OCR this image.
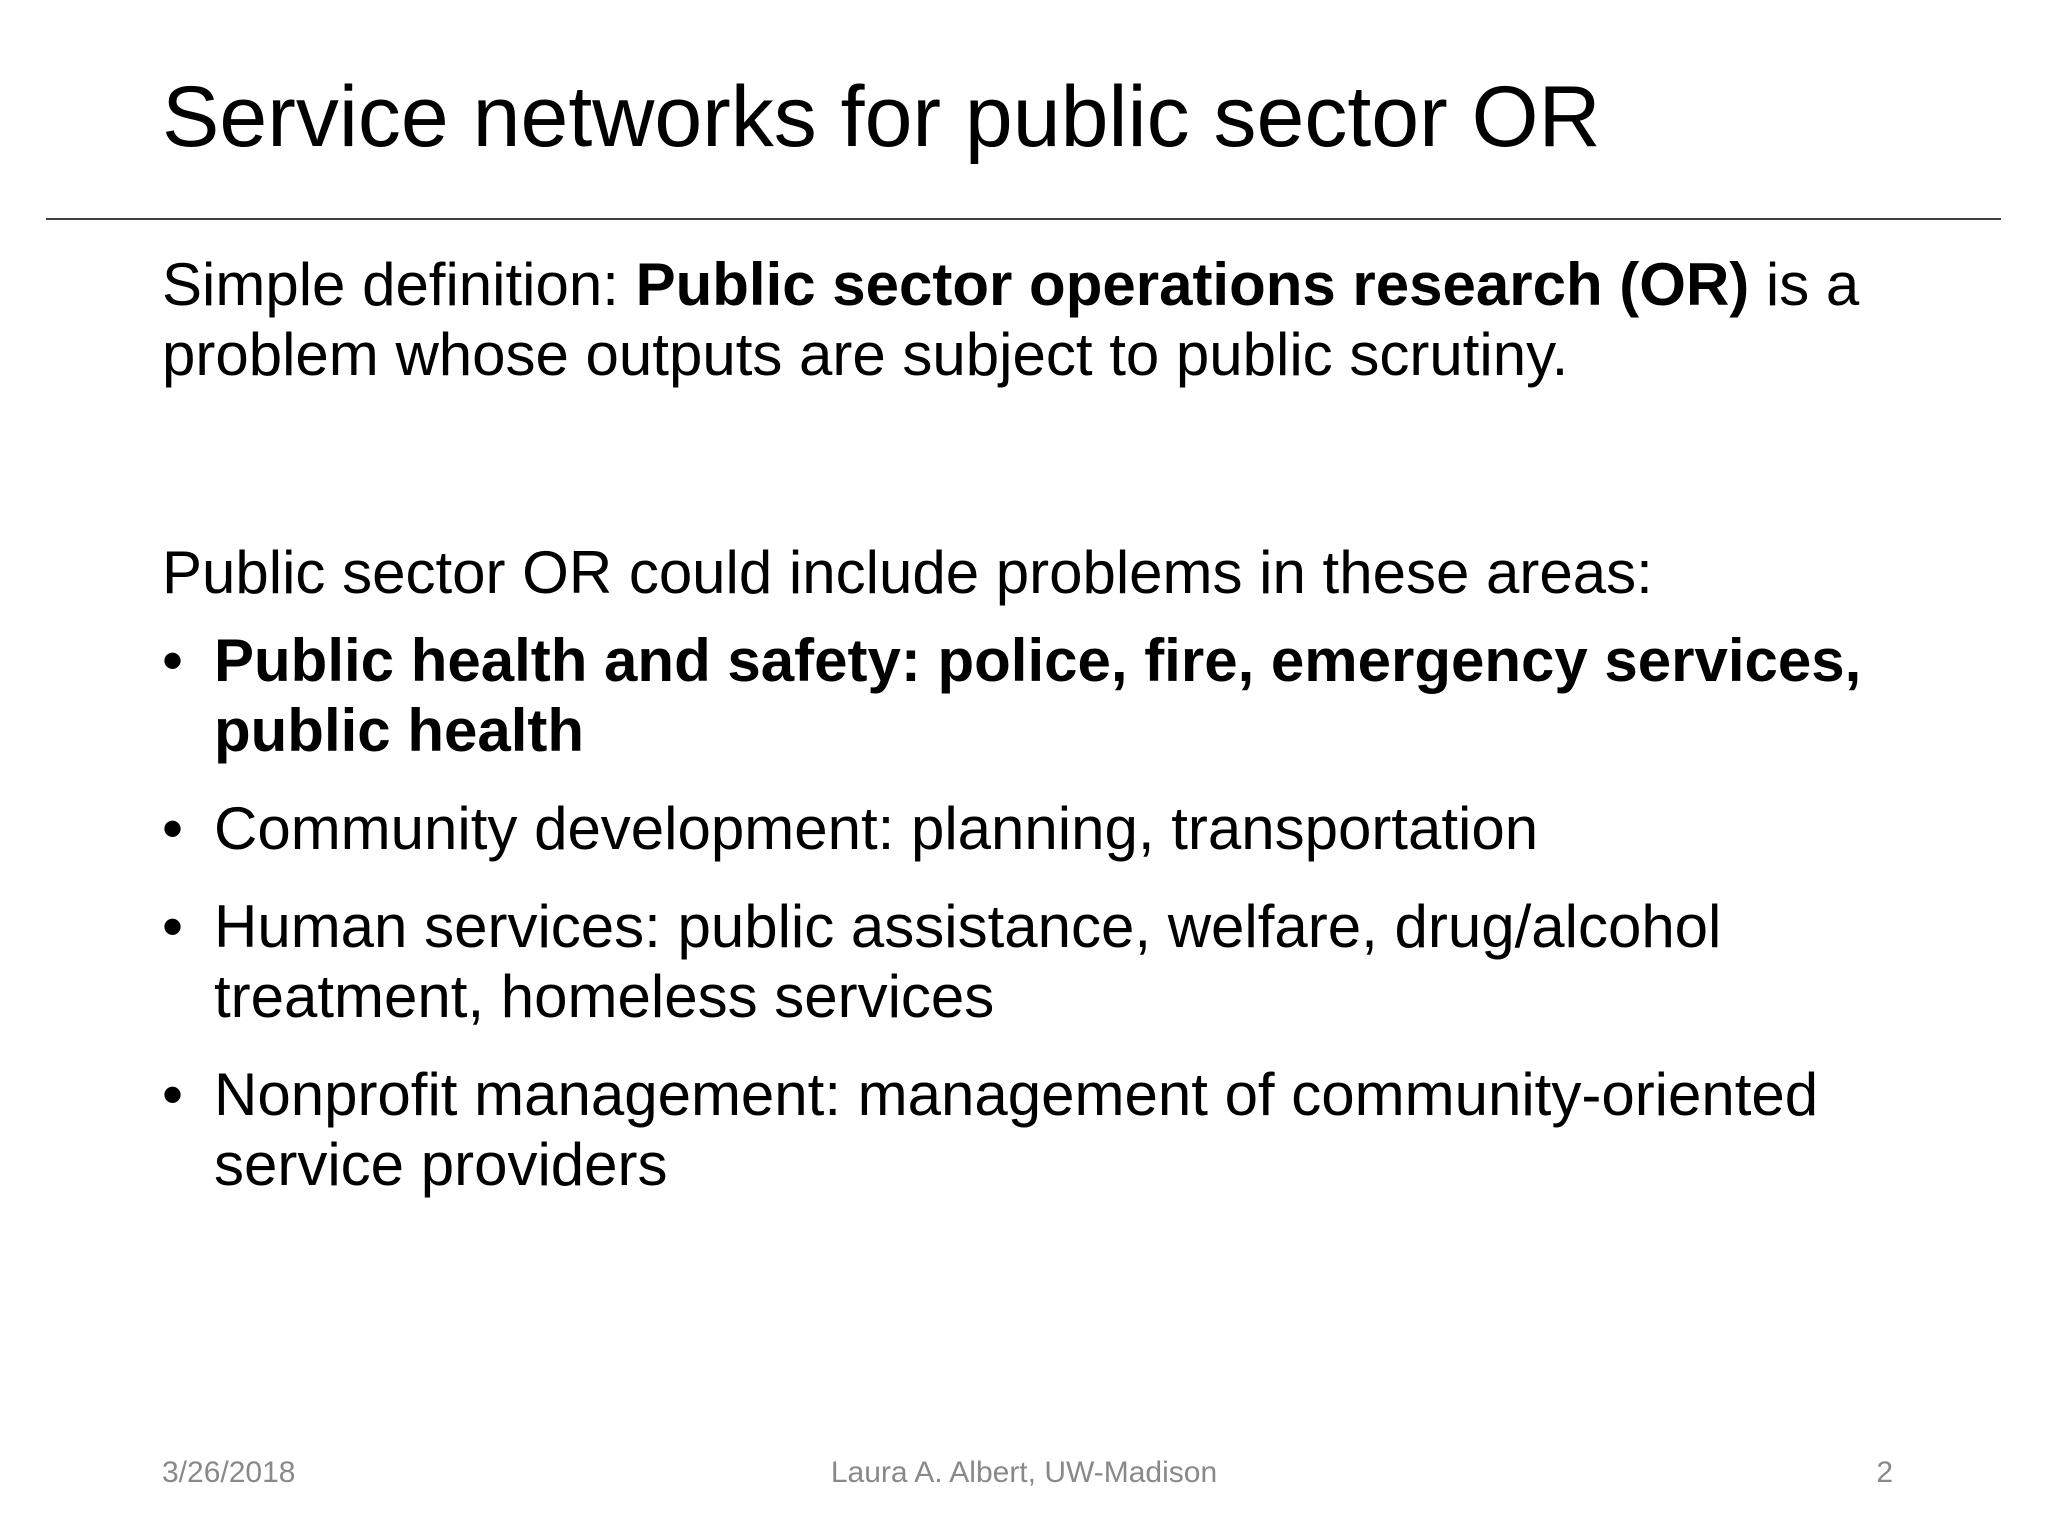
Service networks for public sector OR

Simple definition: Public sector operations research (OR) is a problem whose outputs are subject to public scrutiny.

Public sector OR could include problems in these areas:

• Public health and safety: police, fire, emergency services, public health
• Community development: planning, transportation
• Human services: public assistance, welfare, drug/alcohol treatment, homeless services
• Nonprofit management: management of community-oriented service providers
3/26/2018	Laura A. Albert, UW-Madison	2
